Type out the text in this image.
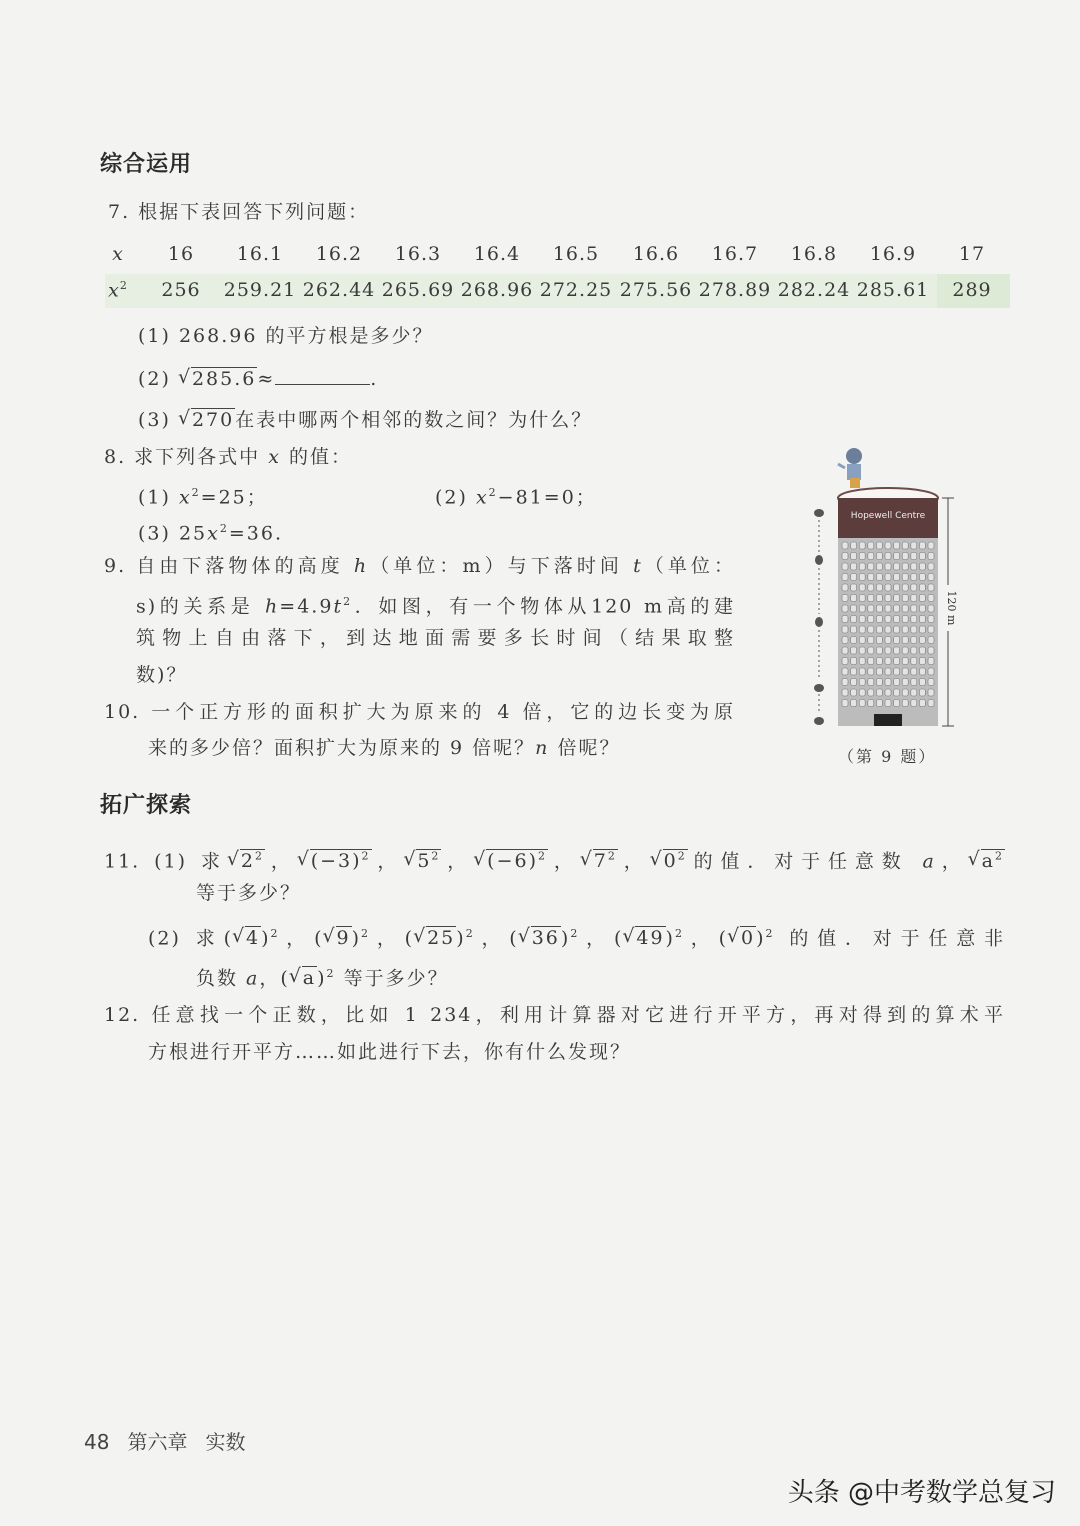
综合运用
拓广探索
x 16 16.1 16.2 16.3 16.4 16.5 16.6 16.7 16.8 16.9 17
$x^2$ 256 259.21 262.44 265.69 268.96 272.25 275.56 278.89 282.24 285.61 289
7. 根据下表回答下列问题：
(1) 268.96 的平方根是多少？
(2) √ 285.6≈	.
(3) √ 270在表中哪两个相邻的数之间？为什么？
8. 求下列各式中 x 的值：
(1) $x^2=25$；	(2) $x^2-81=0$；
(3) $25x^2=36$.
9. 自由下落物体的高度 h（单位：m）与下落时间 t（单位：
s)的关系是 $h=4.9t^2$．如图，有一个物体从120 m高的建
筑物上自由落下，到达地面需要多长时间（结果取整
数)？
10. 一个正方形的面积扩大为原来的 4 倍，它的边长变为原
来的多少倍？面积扩大为原来的 9 倍呢？n 倍呢？
11. (1) 求 √ $2^2$， √ $(-3)^2$， √ $5^2$， √ $(-6)^2$， √ $7^2$， √ $0^2$的值．对于任意数 a， √ $a^2$
等于多少？
(2) 求( √ 4)$^2$，( √ 9)$^2$，( √ 25)$^2$，( √ 36)$^2$，( √ 49)$^2$，( √ 0)$^2$ 的值．对于任意非
负数 a，( √ a)$^2$ 等于多少？
12. 任意找一个正数，比如 1 234，利用计算器对它进行开平方，再对得到的算术平
方根进行开平方……如此进行下去，你有什么发现？
Hopewell Centre
120 m
（第 9 题）
48 第六章 实数
头条 @中考数学总复习
